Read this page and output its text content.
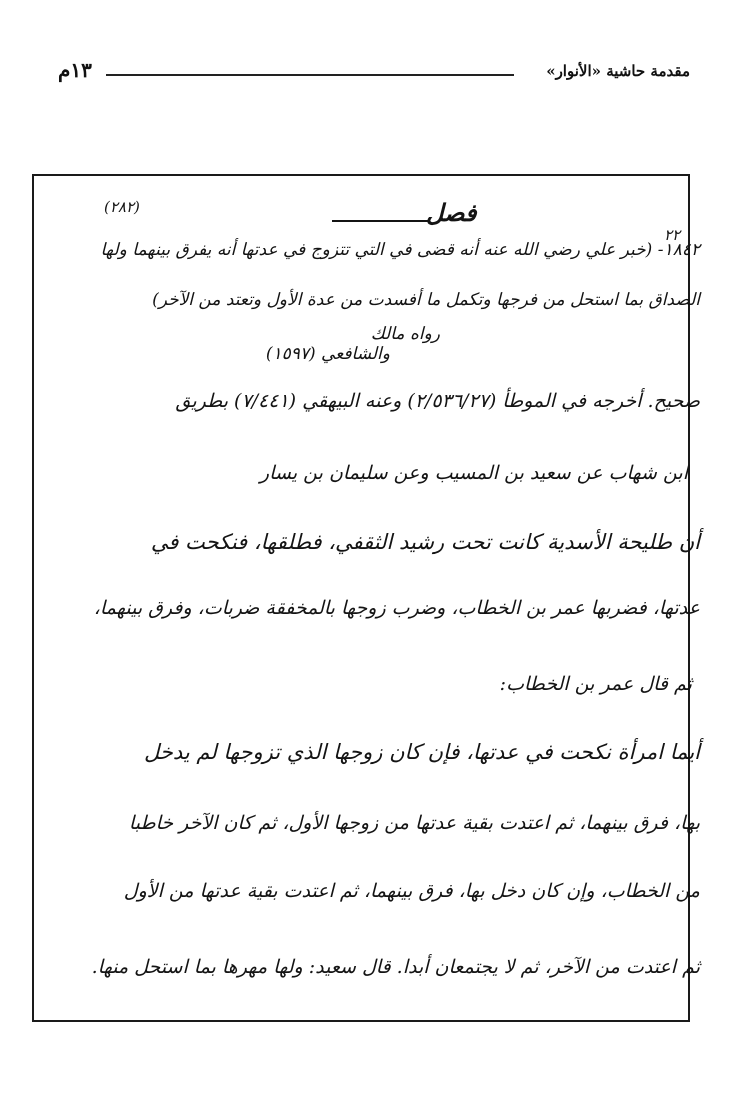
مقدمة حاشية «الأنوار»
١٣م
(٢٨٢)	فصل
٢٢
١٨٤٢- (خبر علي رضي الله عنه أنه قضى في التي تتزوج في عدتها أنه يفرق بينهما ولها
الصداق بما استحل من فرجها وتكمل ما أفسدت من عدة الأول وتعتد من الآخر)
رواه مالك
والشافعي (١٥٩٧)
صحيح. أخرجه في الموطأ (٢/٥٣٦/٢٧) وعنه البيهقي (٧/٤٤١) بطريق
ابن شهاب عن سعيد بن المسيب وعن سليمان بن يسار
أن طليحة الأسدية كانت تحت رشيد الثقفي، فطلقها، فنكحت في
عدتها، فضربها عمر بن الخطاب، وضرب زوجها بالمخفقة ضربات، وفرق بينهما،
ثم قال عمر بن الخطاب:
أيما امرأة نكحت في عدتها، فإن كان زوجها الذي تزوجها لم يدخل
بها، فرق بينهما، ثم اعتدت بقية عدتها من زوجها الأول، ثم كان الآخر خاطبا
من الخطاب، وإن كان دخل بها، فرق بينهما، ثم اعتدت بقية عدتها من الأول
ثم اعتدت من الآخر، ثم لا يجتمعان أبدا. قال سعيد: ولها مهرها بما استحل منها.
